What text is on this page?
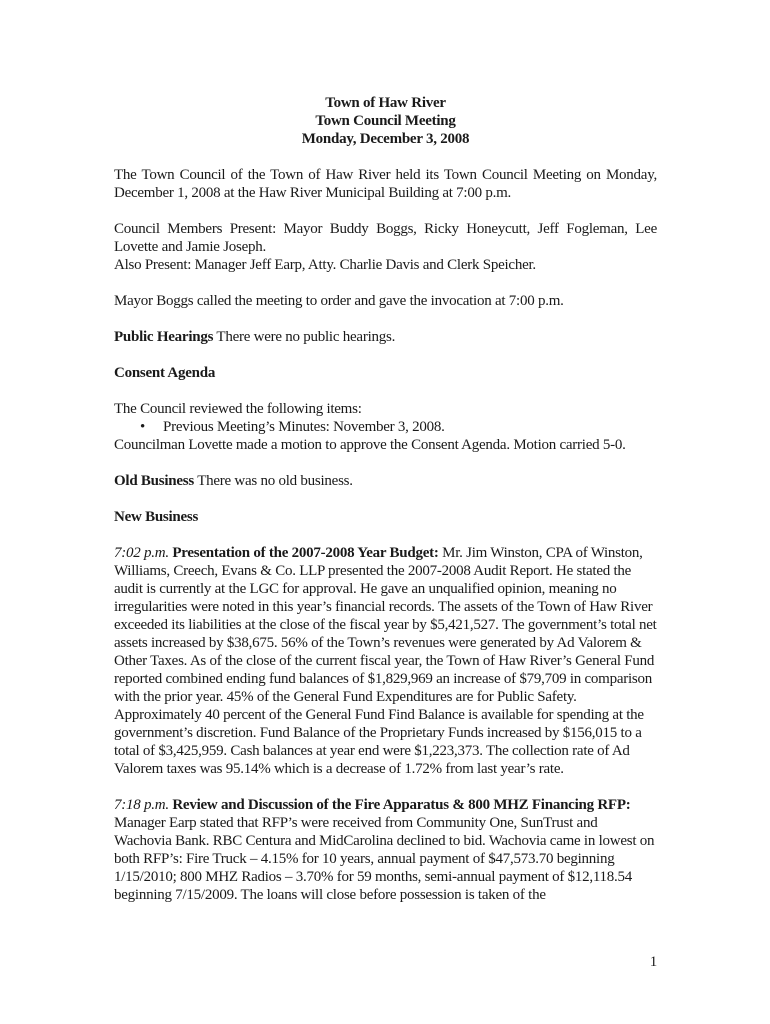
Town of Haw River
Town Council Meeting
Monday, December 3, 2008
The Town Council of the Town of Haw River held its Town Council Meeting on Monday, December 1, 2008 at the Haw River Municipal Building at 7:00 p.m.
Council Members Present: Mayor Buddy Boggs, Ricky Honeycutt, Jeff Fogleman, Lee Lovette and Jamie Joseph.
Also Present: Manager Jeff Earp, Atty. Charlie Davis and Clerk Speicher.
Mayor Boggs called the meeting to order and gave the invocation at 7:00 p.m.
Public Hearings There were no public hearings.
Consent Agenda
The Council reviewed the following items:
•	Previous Meeting’s Minutes: November 3, 2008.
Councilman Lovette made a motion to approve the Consent Agenda. Motion carried 5-0.
Old Business There was no old business.
New Business
7:02 p.m. Presentation of the 2007-2008 Year Budget: Mr. Jim Winston, CPA of Winston, Williams, Creech, Evans & Co. LLP presented the 2007-2008 Audit Report. He stated the audit is currently at the LGC for approval. He gave an unqualified opinion, meaning no irregularities were noted in this year’s financial records. The assets of the Town of Haw River exceeded its liabilities at the close of the fiscal year by $5,421,527. The government’s total net assets increased by $38,675. 56% of the Town’s revenues were generated by Ad Valorem & Other Taxes. As of the close of the current fiscal year, the Town of Haw River’s General Fund reported combined ending fund balances of $1,829,969 an increase of $79,709 in comparison with the prior year. 45% of the General Fund Expenditures are for Public Safety. Approximately 40 percent of the General Fund Find Balance is available for spending at the government’s discretion. Fund Balance of the Proprietary Funds increased by $156,015 to a total of $3,425,959. Cash balances at year end were $1,223,373. The collection rate of Ad Valorem taxes was 95.14% which is a decrease of 1.72% from last year’s rate.
7:18 p.m. Review and Discussion of the Fire Apparatus & 800 MHZ Financing RFP: Manager Earp stated that RFP’s were received from Community One, SunTrust and Wachovia Bank. RBC Centura and MidCarolina declined to bid. Wachovia came in lowest on both RFP’s: Fire Truck – 4.15% for 10 years, annual payment of $47,573.70 beginning 1/15/2010; 800 MHZ Radios – 3.70% for 59 months, semi-annual payment of $12,118.54 beginning 7/15/2009. The loans will close before possession is taken of the
1
